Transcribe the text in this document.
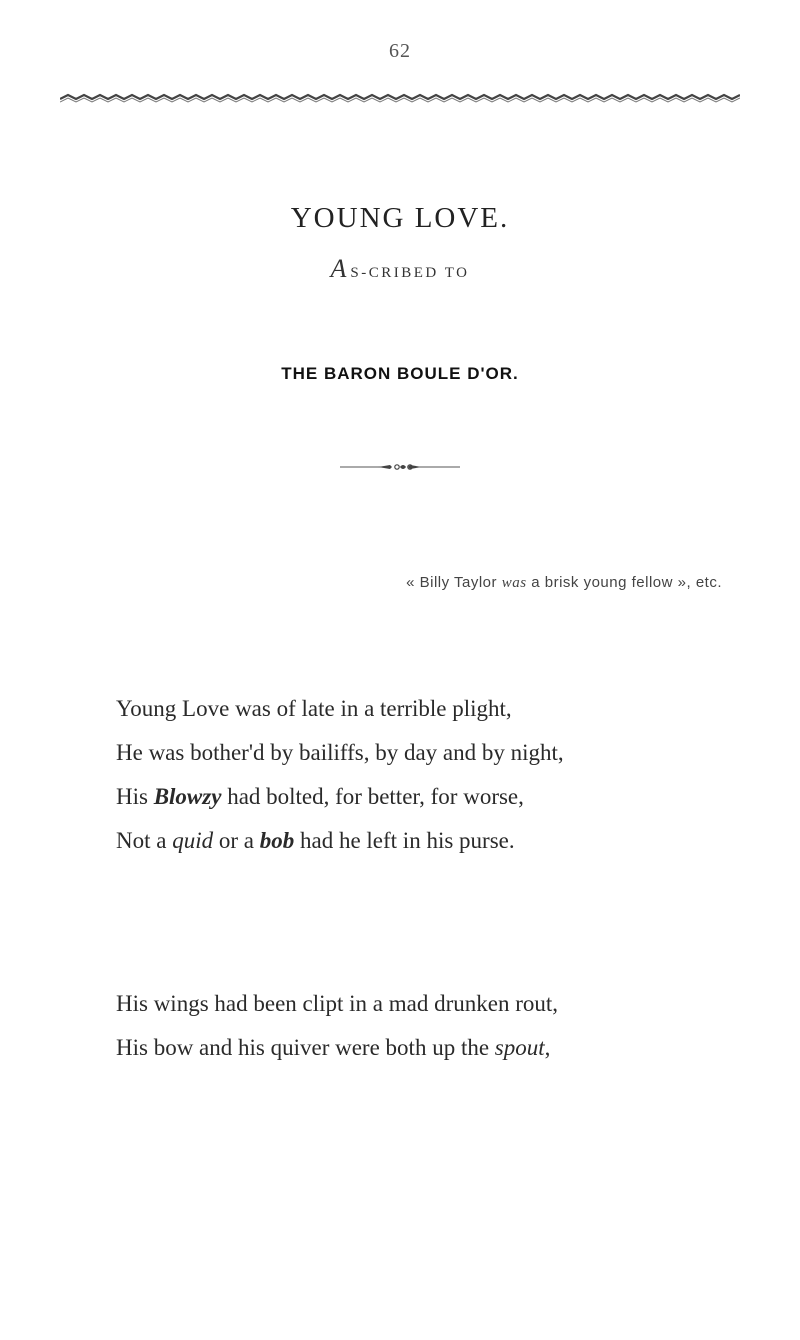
62
YOUNG LOVE.
A S-CRIBED TO
THE BARON BOULE D'OR.
« Billy Taylor was a brisk young fellow », etc.
Young Love was of late in a terrible plight,
He was bother'd by bailiffs, by day and by night,
His Blowzy had bolted, for better, for worse,
Not a quid or a bob had he left in his purse.
His wings had been clipt in a mad drunken rout,
His bow and his quiver were both up the spout,
